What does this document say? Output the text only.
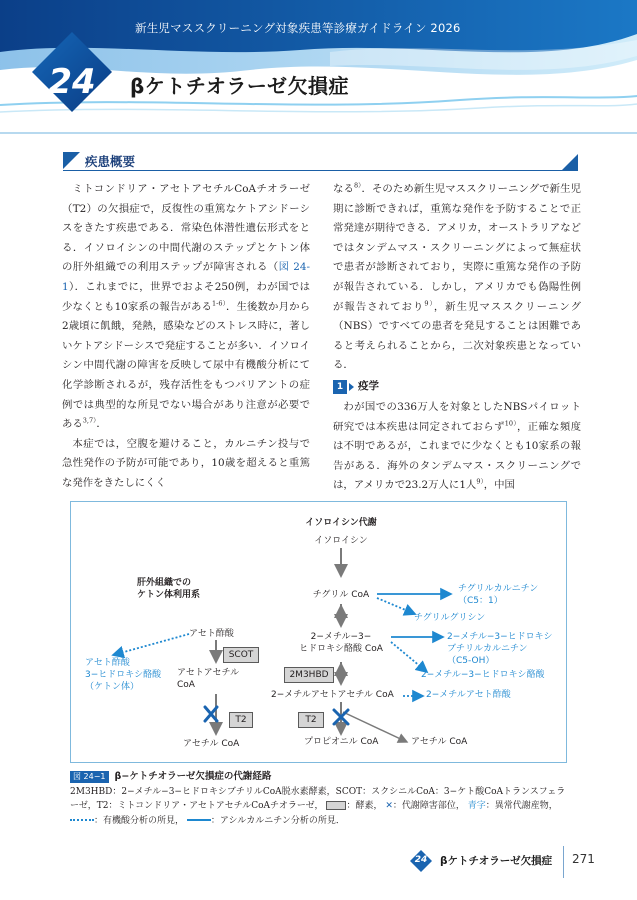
新生児マススクリーニング対象疾患等診療ガイドライン 2026
24	βケトチオラーゼ欠損症
疾患概要

ミトコンドリア・アセトアセチルCoAチオラーゼ（T2）の欠損症で，反復性の重篤なケトアシドーシスをきたす疾患である．常染色体潜性遺伝形式をとる．イソロイシンの中間代謝のステップとケトン体の肝外組織での利用ステップが障害される（図 24-1）．これまでに，世界でおよそ250例，わが国では少なくとも10家系の報告がある$^{1-6)}$．生後数か月から2歳頃に飢餓，発熱，感染などのストレス時に，著しいケトアシドーシスで発症することが多い．イソロイシン中間代謝の障害を反映して尿中有機酸分析にて化学診断されるが，残存活性をもつバリアントの症例では典型的な所見でない場合があり注意が必要である$^{3,7)}$．

本症では，空腹を避けること，カルニチン投与で急性発作の予防が可能であり，10歳を超えると重篤な発作をきたしにくく

なる$^{8)}$．そのため新生児マススクリーニングで新生児期に診断できれば，重篤な発作を予防することで正常発達が期待できる．アメリカ，オーストラリアなどではタンデムマス・スクリーニングによって無症状で患者が診断されており，実際に重篤な発作の予防が報告されている．しかし，アメリカでも偽陽性例が報告されており$^{9)}$，新生児マススクリーニング（NBS）ですべての患者を発見することは困難であると考えられることから，二次対象疾患となっている．

1	疫学

わが国での336万人を対象としたNBSパイロット研究では本疾患は同定されておらず$^{10)}$，正確な頻度は不明であるが，これまでに少なくとも10家系の報告がある．海外のタンデムマス・スクリーニングでは，アメリカで23.2万人に1人$^{9)}$，中国

イソロイシン代謝
イソロイシン
チグリル CoA
チグリルカルニチン
（C5：1）
チグリルグリシン
2−メチル−3−
ヒドロキシ酪酸 CoA
2−メチル−3−ヒドロキシ
ブチリルカルニチン
（C5-OH）
2−メチル−3−ヒドロキシ酪酸
2M3HBD
2−メチルアセトアセチル CoA	2−メチルアセト酢酸
T2
プロピオニル CoA	アセチル CoA
肝外組織での
ケトン体利用系
アセト酢酸
SCOT
アセト酢酸
3−ヒドロキシ酪酸
（ケトン体）
アセトアセチル
CoA
T2
アセチル CoA
図 24−1 β−ケトチオラーゼ欠損症の代謝経路
2M3HBD：2−メチル−3−ヒドロキシブチリルCoA脱水素酵素，SCOT：スクシニルCoA：3−ケト酸CoAトランスフェラーゼ，T2：ミトコンドリア・アセトアセチルCoAチオラーゼ，	：酵素， ✕：代謝障害部位， 青字：異常代謝産物， ：有機酸分析の所見，	：アシルカルニチン分析の所見．
24	βケトチオラーゼ欠損症 271
